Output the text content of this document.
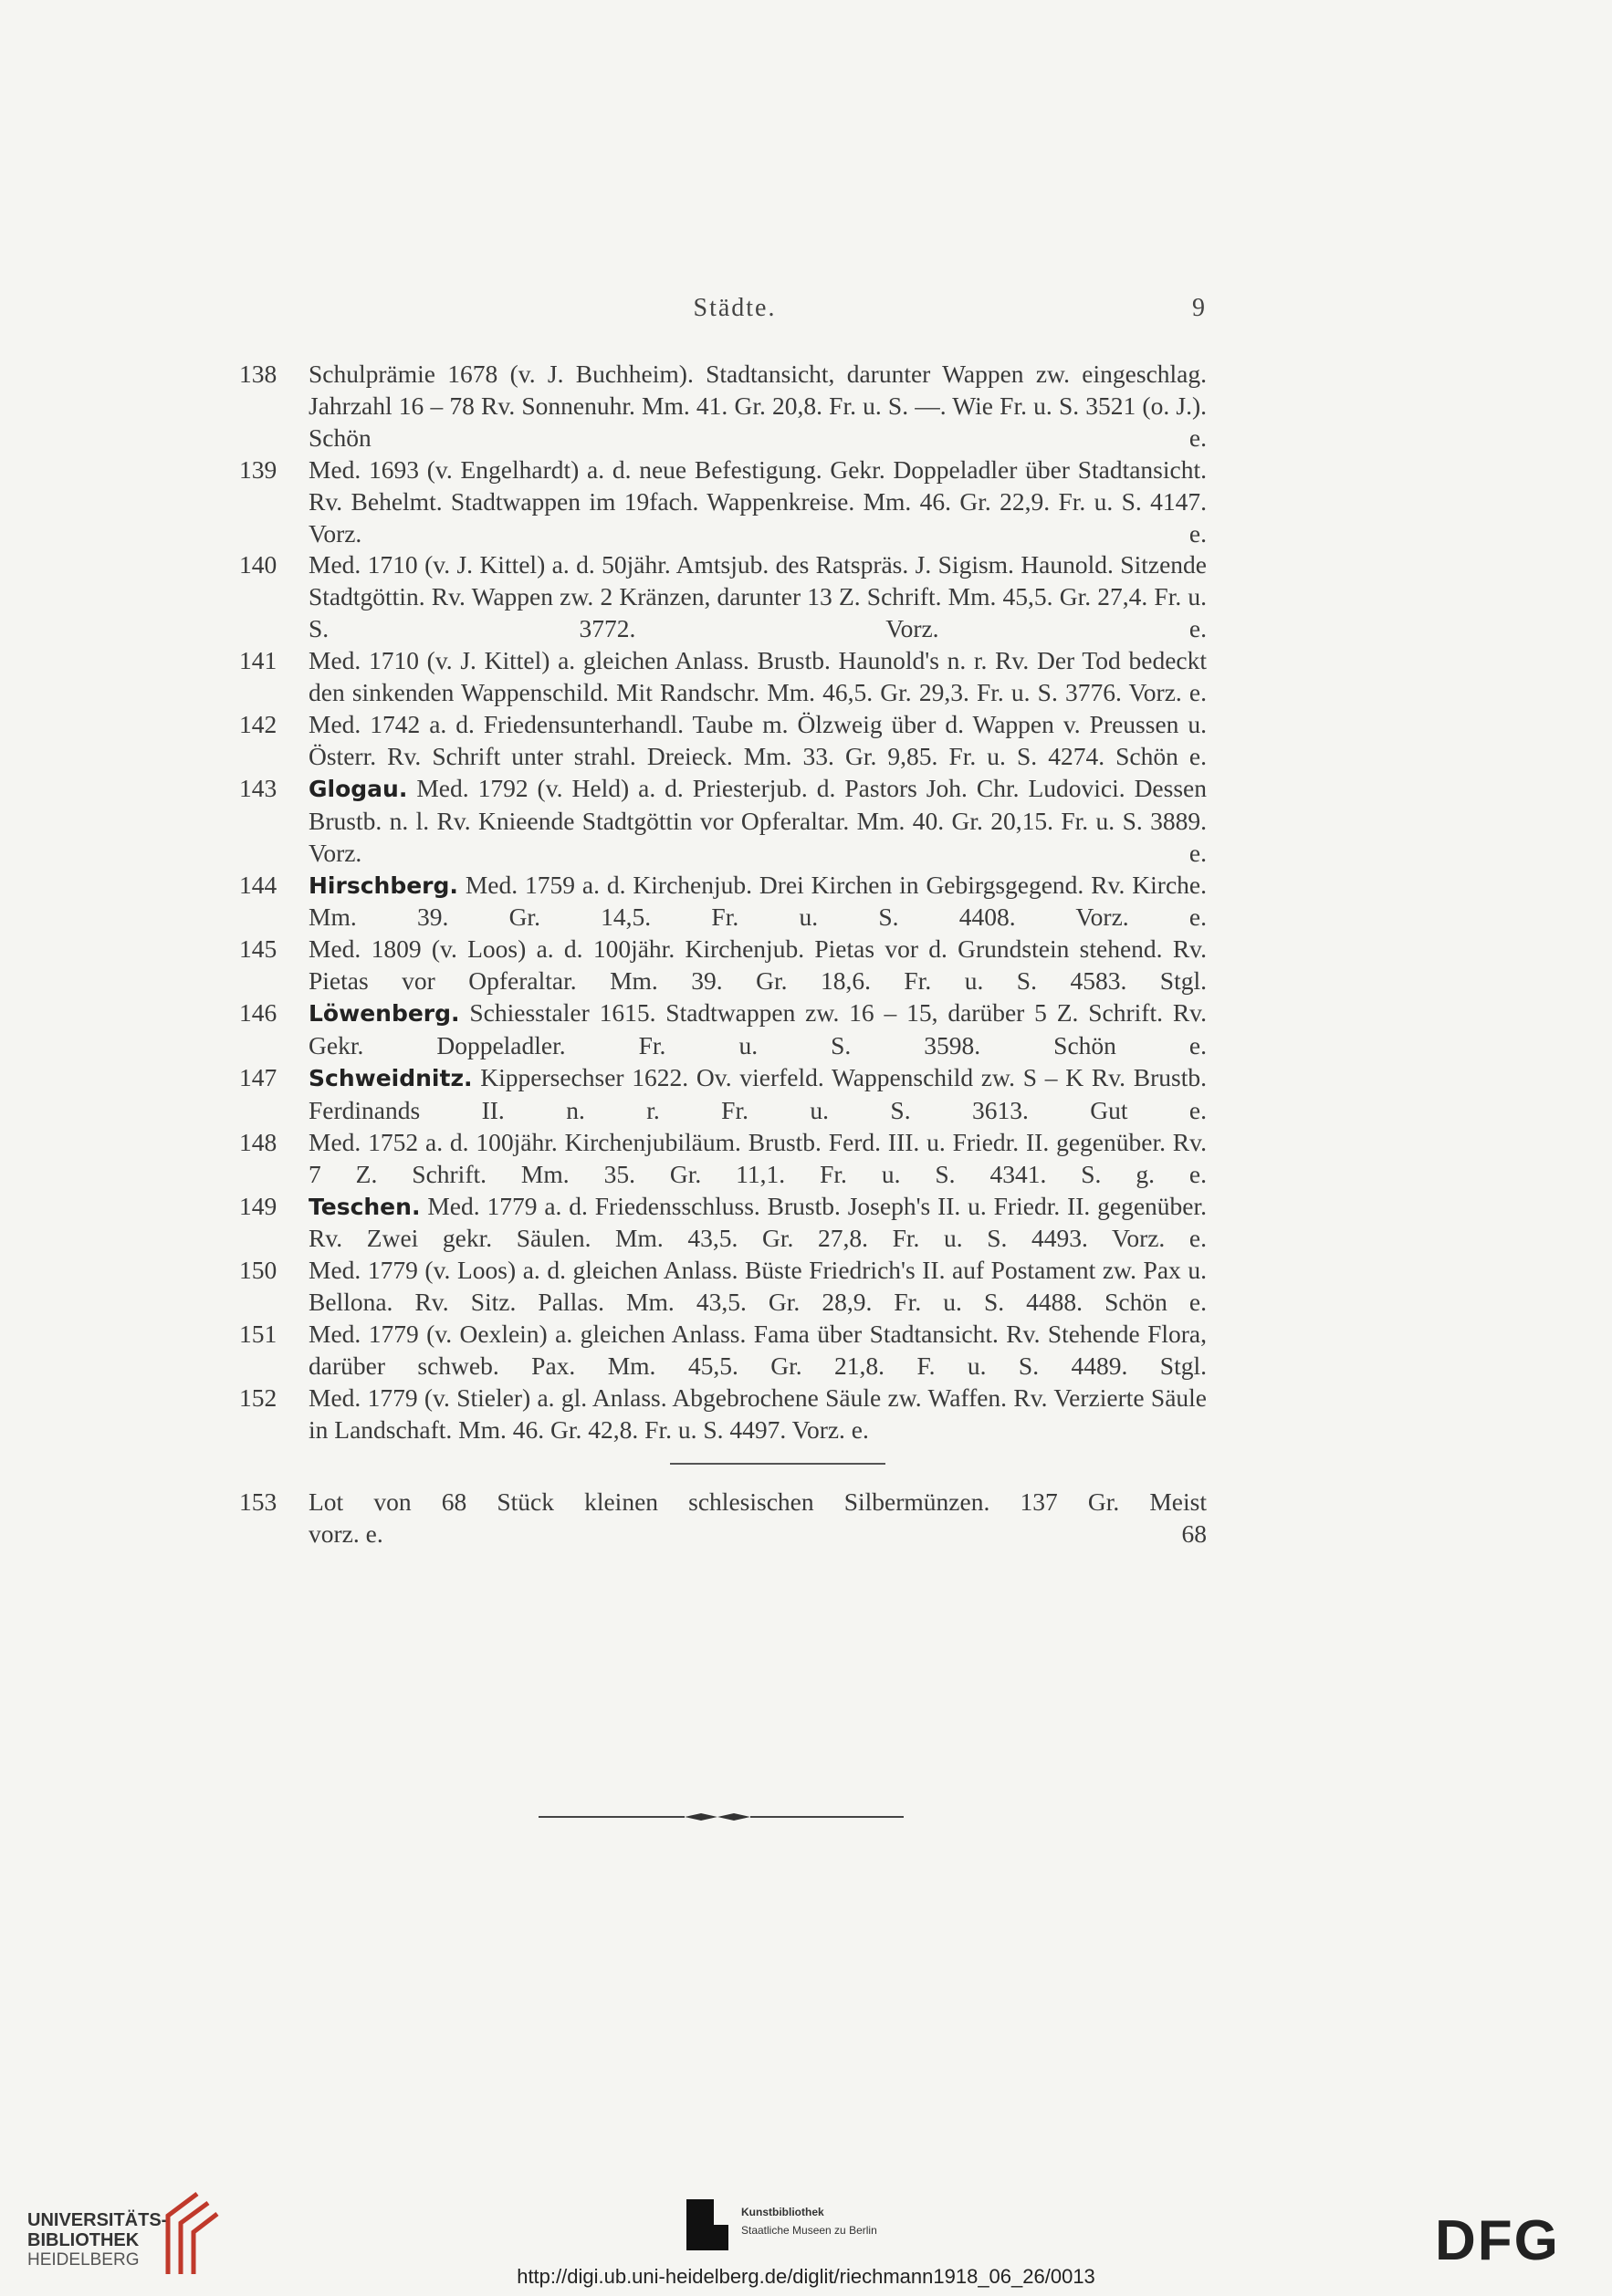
Städte.	9
138	Schulprämie 1678 (v. J. Buchheim). Stadtansicht, darunter Wappen zw. eingeschlag. Jahrzahl 16 – 78 Rv. Sonnenuhr. Mm. 41. Gr. 20,8. Fr. u. S. —. Wie Fr. u. S. 3521 (o. J.). Schön e.
139	Med. 1693 (v. Engelhardt) a. d. neue Befestigung. Gekr. Doppeladler über Stadtansicht. Rv. Behelmt. Stadtwappen im 19fach. Wappenkreise. Mm. 46. Gr. 22,9. Fr. u. S. 4147. Vorz. e.
140	Med. 1710 (v. J. Kittel) a. d. 50jähr. Amtsjub. des Ratspräs. J. Sigism. Haunold. Sitzende Stadtgöttin. Rv. Wappen zw. 2 Kränzen, darunter 13 Z. Schrift. Mm. 45,5. Gr. 27,4. Fr. u. S. 3772. Vorz. e.
141	Med. 1710 (v. J. Kittel) a. gleichen Anlass. Brustb. Haunold's n. r. Rv. Der Tod bedeckt den sinkenden Wappenschild. Mit Randschr. Mm. 46,5. Gr. 29,3. Fr. u. S. 3776. Vorz. e.
142	Med. 1742 a. d. Friedensunterhandl. Taube m. Ölzweig über d. Wappen v. Preussen u. Österr. Rv. Schrift unter strahl. Dreieck. Mm. 33. Gr. 9,85. Fr. u. S. 4274. Schön e.
143	Glogau. Med. 1792 (v. Held) a. d. Priesterjub. d. Pastors Joh. Chr. Ludovici. Dessen Brustb. n. l. Rv. Knieende Stadtgöttin vor Opferaltar. Mm. 40. Gr. 20,15. Fr. u. S. 3889. Vorz. e.
144	Hirschberg. Med. 1759 a. d. Kirchenjub. Drei Kirchen in Gebirgsgegend. Rv. Kirche. Mm. 39. Gr. 14,5. Fr. u. S. 4408. Vorz. e.
145	Med. 1809 (v. Loos) a. d. 100jähr. Kirchenjub. Pietas vor d. Grundstein stehend. Rv. Pietas vor Opferaltar. Mm. 39. Gr. 18,6. Fr. u. S. 4583. Stgl.
146	Löwenberg. Schiesstaler 1615. Stadtwappen zw. 16 – 15, darüber 5 Z. Schrift. Rv. Gekr. Doppeladler. Fr. u. S. 3598. Schön e.
147	Schweidnitz. Kippersechser 1622. Ov. vierfeld. Wappenschild zw. S – K Rv. Brustb. Ferdinands II. n. r. Fr. u. S. 3613. Gut e.
148	Med. 1752 a. d. 100jähr. Kirchenjubiläum. Brustb. Ferd. III. u. Friedr. II. gegenüber. Rv. 7 Z. Schrift. Mm. 35. Gr. 11,1. Fr. u. S. 4341. S. g. e.
149	Teschen. Med. 1779 a. d. Friedensschluss. Brustb. Joseph's II. u. Friedr. II. gegenüber. Rv. Zwei gekr. Säulen. Mm. 43,5. Gr. 27,8. Fr. u. S. 4493. Vorz. e.
150	Med. 1779 (v. Loos) a. d. gleichen Anlass. Büste Friedrich's II. auf Postament zw. Pax u. Bellona. Rv. Sitz. Pallas. Mm. 43,5. Gr. 28,9. Fr. u. S. 4488. Schön e.
151	Med. 1779 (v. Oexlein) a. gleichen Anlass. Fama über Stadtansicht. Rv. Stehende Flora, darüber schweb. Pax. Mm. 45,5. Gr. 21,8. F. u. S. 4489. Stgl.
152	Med. 1779 (v. Stieler) a. gl. Anlass. Abgebrochene Säule zw. Waffen. Rv. Verzierte Säule in Landschaft. Mm. 46. Gr. 42,8. Fr. u. S. 4497. Vorz. e.
153	Lot von 68 Stück kleinen schlesischen Silbermünzen. 137 Gr. Meist
vorz. e.	68
UNIVERSITÄTS-
BIBLIOTHEK
HEIDELBERG
Kunstbibliothek
Staatliche Museen zu Berlin	DFG
http://digi.ub.uni-heidelberg.de/diglit/riechmann1918_06_26/0013
